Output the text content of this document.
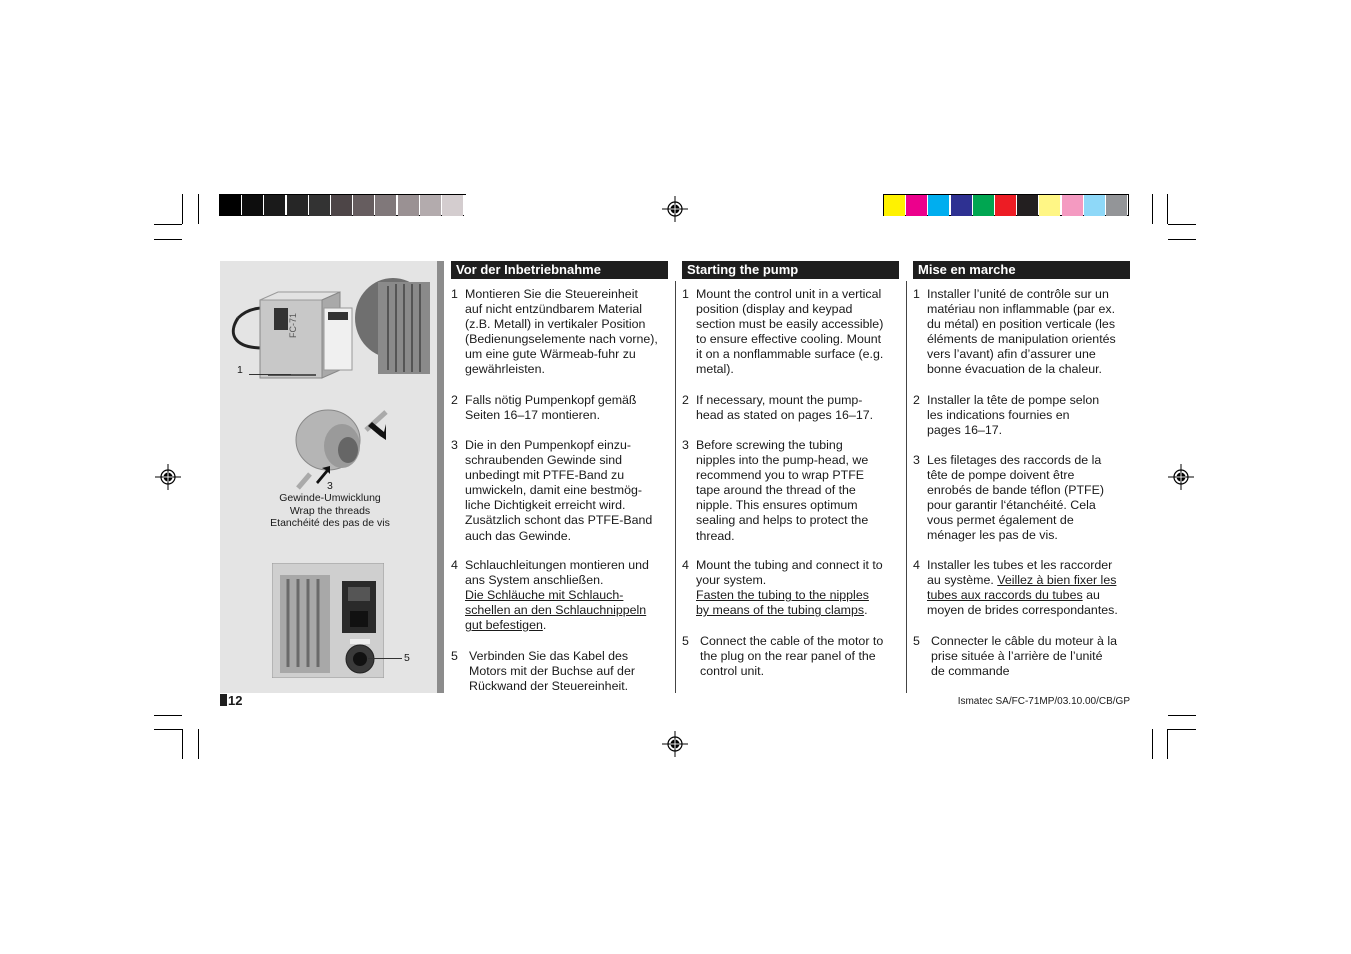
FC-71
1
3
Gewinde-Umwicklung
Wrap the threads
Etanchéité des pas de vis
5
Vor der Inbetriebnahme	Starting the pump	Mise en marche
1 Montieren Sie die Steuereinheit
auf nicht entzündbarem Material
(z.B. Metall) in vertikaler Position
(Bedienungselemente nach vorne),
um eine gute Wärmeab-fuhr zu
gewährleisten.
2 Falls nötig Pumpenkopf gemäß
Seiten 16–17 montieren.
3 Die in den Pumpenkopf einzu-
schraubenden Gewinde sind
unbedingt mit PTFE-Band zu
umwickeln, damit eine bestmög-
liche Dichtigkeit erreicht wird.
Zusätzlich schont das PTFE-Band
auch das Gewinde.
4 Schlauchleitungen montieren und
ans System anschließen.
Die Schläuche mit Schlauch-
schellen an den Schlauchnippeln
gut befestigen.
5 Verbinden Sie das Kabel des
Motors mit der Buchse auf der
Rückwand der Steuereinheit.
1 Mount the control unit in a vertical
position (display and keypad
section must be easily accessible)
to ensure effective cooling. Mount
it on a nonflammable surface (e.g.
metal).
2 If necessary, mount the pump-
head as stated on pages 16–17.
3 Before screwing the tubing
nipples into the pump-head, we
recommend you to wrap PTFE
tape around the thread of the
nipple. This ensures optimum
sealing and helps to protect the
thread.
4 Mount the tubing and connect it to
your system.
Fasten the tubing to the nipples
by means of the tubing clamps.
5 Connect the cable of the motor to
the plug on the rear panel of the
control unit.
1 Installer l’unité de contrôle sur un
matériau non inflammable (par ex.
du métal) en position verticale (les
éléments de manipulation orientés
vers l’avant) afin d’assurer une
bonne évacuation de la chaleur.
2 Installer la tête de pompe selon
les indications fournies en
pages 16–17.
3 Les filetages des raccords de la
tête de pompe doivent être
enrobés de bande téflon (PTFE)
pour garantir l‘étanchéité. Cela
vous permet également de
ménager les pas de vis.
4 Installer les tubes et les raccorder
au système. Veillez à bien fixer les
tubes aux raccords du tubes au
moyen de brides correspondantes.
5 Connecter le câble du moteur à la
prise située à l’arrière de l’unité
de commande
12	Ismatec SA/FC-71MP/03.10.00/CB/GP
